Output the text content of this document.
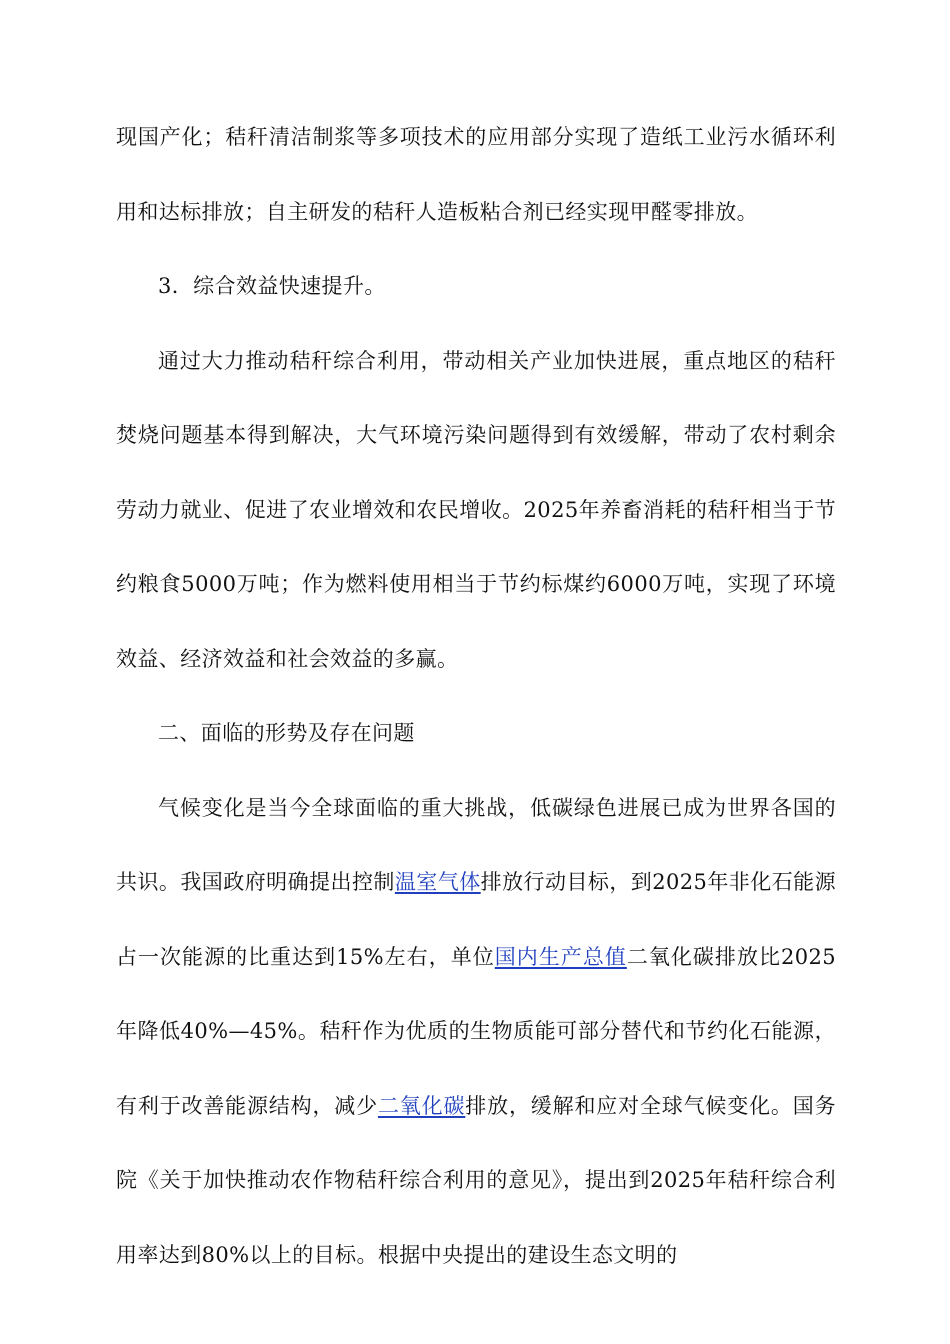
现国产化；秸秆清洁制浆等多项技术的应用部分实现了造纸工业污水循环利用和达标排放；自主研发的秸秆人造板粘合剂已经实现甲醛零排放。

3．综合效益快速提升。

通过大力推动秸秆综合利用，带动相关产业加快进展，重点地区的秸秆焚烧问题基本得到解决，大气环境污染问题得到有效缓解，带动了农村剩余劳动力就业、促进了农业增效和农民增收。2025年养畜消耗的秸秆相当于节约粮食5000万吨；作为燃料使用相当于节约标煤约6000万吨，实现了环境效益、经济效益和社会效益的多赢。

二、面临的形势及存在问题

气候变化是当今全球面临的重大挑战，低碳绿色进展已成为世界各国的共识。我国政府明确提出控制温室气体排放行动目标，到2025年非化石能源占一次能源的比重达到15%左右，单位国内生产总值二氧化碳排放比2025年降低40%—45%。秸秆作为优质的生物质能可部分替代和节约化石能源，有利于改善能源结构，减少二氧化碳排放，缓解和应对全球气候变化。国务院《关于加快推动农作物秸秆综合利用的意见》，提出到2025年秸秆综合利用率达到80%以上的目标。根据中央提出的建设生态文明的
